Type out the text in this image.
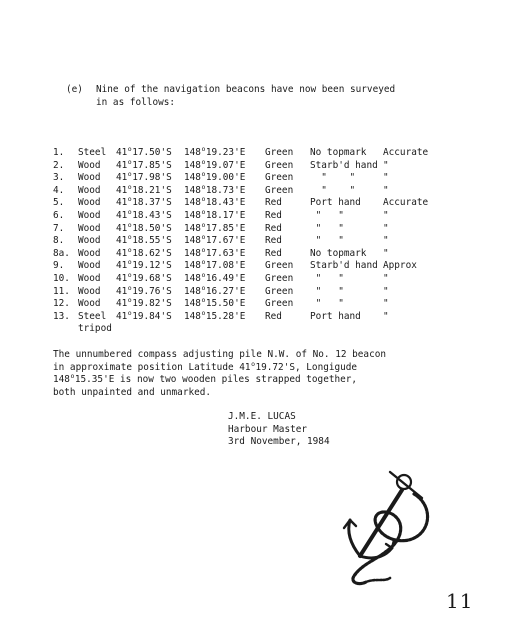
(e) Nine of the navigation beacons have now been surveyed
in as follows:
1.	Steel	41$^o$17.50'S	148$^o$19.23'E	Green	No topmark	Accurate
2.	Wood	41$^o$17.85'S	148$^o$19.07'E	Green	Starb'd hand	"
3.	Wood	41$^o$17.98'S	148$^o$19.00'E	Green	"    "	"
4.	Wood	41$^o$18.21'S	148$^o$18.73'E	Green	"    "	"
5.	Wood	41$^o$18.37'S	148$^o$18.43'E	Red	Port hand	Accurate
6.	Wood	41$^o$18.43'S	148$^o$18.17'E	Red	"   "	"
7.	Wood	41$^o$18.50'S	148$^o$17.85'E	Red	"   "	"
8.	Wood	41$^o$18.55'S	148$^o$17.67'E	Red	"   "	"
8a.	Wood	41$^o$18.62'S	148$^o$17.63'E	Red	No topmark	"
9.	Wood	41$^o$19.12'S	148$^o$17.08'E	Green	Starb'd hand	Approx
10.	Wood	41$^o$19.68'S	148$^o$16.49'E	Green	"   "	"
11.	Wood	41$^o$19.76'S	148$^o$16.27'E	Green	"   "	"
12.	Wood	41$^o$19.82'S	148$^o$15.50'E	Green	"   "	"
13.	Steel	41$^o$19.84'S	148$^o$15.28'E	Red	Port hand	"
	tripod					
The unnumbered compass adjusting pile N.W. of No. 12 beacon
in approximate position Latitude 41$^o$19.72'S, Longigude
148$^o$15.35'E is now two wooden piles strapped together,
both unpainted and unmarked.
J.M.E. LUCAS
Harbour Master
3rd November, 1984
11
